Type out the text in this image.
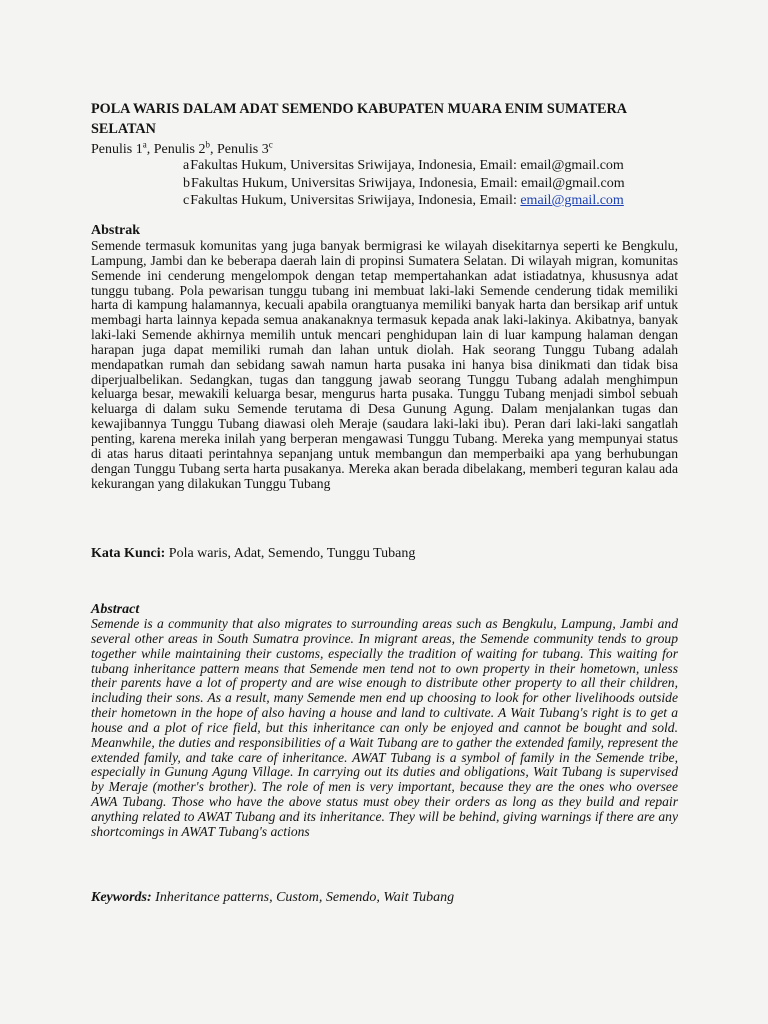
POLA WARIS DALAM ADAT SEMENDO KABUPATEN MUARA ENIM SUMATERA SELATAN
Penulis 1$^a$, Penulis 2$^b$, Penulis 3$^c$
aFakultas Hukum, Universitas Sriwijaya, Indonesia, Email: email@gmail.com
bFakultas Hukum, Universitas Sriwijaya, Indonesia, Email: email@gmail.com
cFakultas Hukum, Universitas Sriwijaya, Indonesia, Email: email@gmail.com
Abstrak

Semende termasuk komunitas yang juga banyak bermigrasi ke wilayah disekitarnya seperti ke Bengkulu, Lampung, Jambi dan ke beberapa daerah lain di propinsi Sumatera Selatan. Di wilayah migran, komunitas Semende ini cenderung mengelompok dengan tetap mempertahankan adat istiadatnya, khususnya adat tunggu tubang. Pola pewarisan tunggu tubang ini membuat laki-laki Semende cenderung tidak memiliki harta di kampung halamannya, kecuali apabila orangtuanya memiliki banyak harta dan bersikap arif untuk membagi harta lainnya kepada semua anakanaknya termasuk kepada anak laki-lakinya. Akibatnya, banyak laki-laki Semende akhirnya memilih untuk mencari penghidupan lain di luar kampung halaman dengan harapan juga dapat memiliki rumah dan lahan untuk diolah. Hak seorang Tunggu Tubang adalah mendapatkan rumah dan sebidang sawah namun harta pusaka ini hanya bisa dinikmati dan tidak bisa diperjualbelikan. Sedangkan, tugas dan tanggung jawab seorang Tunggu Tubang adalah menghimpun keluarga besar, mewakili keluarga besar, mengurus harta pusaka. Tunggu Tubang menjadi simbol sebuah keluarga di dalam suku Semende terutama di Desa Gunung Agung. Dalam menjalankan tugas dan kewajibannya Tunggu Tubang diawasi oleh Meraje (saudara laki-laki ibu). Peran dari laki-laki sangatlah penting, karena mereka inilah yang berperan mengawasi Tunggu Tubang. Mereka yang mempunyai status di atas harus ditaati perintahnya sepanjang untuk membangun dan memperbaiki apa yang berhubungan dengan Tunggu Tubang serta harta pusakanya. Mereka akan berada dibelakang, memberi teguran kalau ada kekurangan yang dilakukan Tunggu Tubang

Kata Kunci: Pola waris, Adat, Semendo, Tunggu Tubang
Abstract

Semende is a community that also migrates to surrounding areas such as Bengkulu, Lampung, Jambi and several other areas in South Sumatra province. In migrant areas, the Semende community tends to group together while maintaining their customs, especially the tradition of waiting for tubang. This waiting for tubang inheritance pattern means that Semende men tend not to own property in their hometown, unless their parents have a lot of property and are wise enough to distribute other property to all their children, including their sons. As a result, many Semende men end up choosing to look for other livelihoods outside their hometown in the hope of also having a house and land to cultivate. A Wait Tubang's right is to get a house and a plot of rice field, but this inheritance can only be enjoyed and cannot be bought and sold. Meanwhile, the duties and responsibilities of a Wait Tubang are to gather the extended family, represent the extended family, and take care of inheritance. AWAT Tubang is a symbol of family in the Semende tribe, especially in Gunung Agung Village. In carrying out its duties and obligations, Wait Tubang is supervised by Meraje (mother's brother). The role of men is very important, because they are the ones who oversee AWA Tubang. Those who have the above status must obey their orders as long as they build and repair anything related to AWAT Tubang and its inheritance. They will be behind, giving warnings if there are any shortcomings in AWAT Tubang's actions

Keywords: Inheritance patterns, Custom, Semendo, Wait Tubang
